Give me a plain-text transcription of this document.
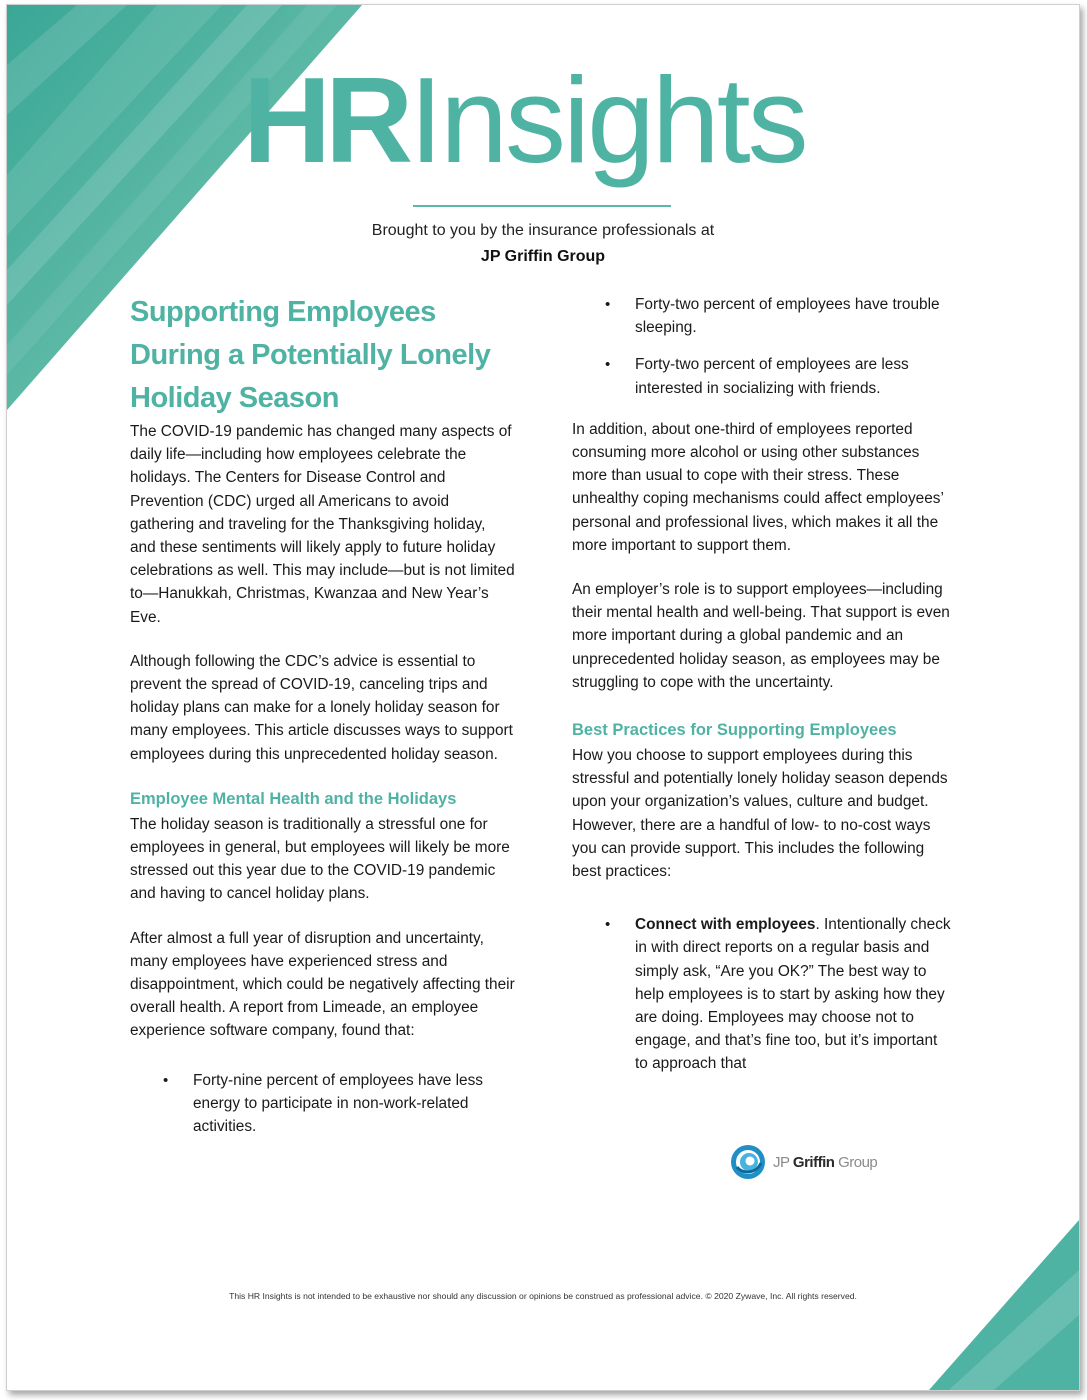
HRInsights
Brought to you by the insurance professionals at
JP Griffin Group
Supporting Employees
During a Potentially Lonely
Holiday Season

The COVID-19 pandemic has changed many aspects of daily life—including how employees celebrate the holidays. The Centers for Disease Control and Prevention (CDC) urged all Americans to avoid gathering and traveling for the Thanksgiving holiday, and these sentiments will likely apply to future holiday celebrations as well. This may include—but is not limited to—Hanukkah, Christmas, Kwanzaa and New Year’s Eve.

Although following the CDC’s advice is essential to prevent the spread of COVID-19, canceling trips and holiday plans can make for a lonely holiday season for many employees. This article discusses ways to support employees during this unprecedented holiday season.

Employee Mental Health and the Holidays

The holiday season is traditionally a stressful one for employees in general, but employees will likely be more stressed out this year due to the COVID-19 pandemic and having to cancel holiday plans.

After almost a full year of disruption and uncertainty, many employees have experienced stress and disappointment, which could be negatively affecting their overall health. A report from Limeade, an employee experience software company, found that:

• Forty-nine percent of employees have less energy to participate in non-work-related activities.
• Forty-two percent of employees have trouble sleeping.
• Forty-two percent of employees are less interested in socializing with friends.

In addition, about one-third of employees reported consuming more alcohol or using other substances more than usual to cope with their stress. These unhealthy coping mechanisms could affect employees’ personal and professional lives, which makes it all the more important to support them.

An employer’s role is to support employees—including their mental health and well-being. That support is even more important during a global pandemic and an unprecedented holiday season, as employees may be struggling to cope with the uncertainty.

Best Practices for Supporting Employees

How you choose to support employees during this stressful and potentially lonely holiday season depends upon your organization’s values, culture and budget. However, there are a handful of low- to no-cost ways you can provide support. This includes the following best practices:

• Connect with employees. Intentionally check in with direct reports on a regular basis and simply ask, “Are you OK?” The best way to help employees is to start by asking how they are doing. Employees may choose not to engage, and that’s fine too, but it’s important to approach that
JP Griffin Group
This HR Insights is not intended to be exhaustive nor should any discussion or opinions be construed as professional advice. © 2020 Zywave, Inc. All rights reserved.
